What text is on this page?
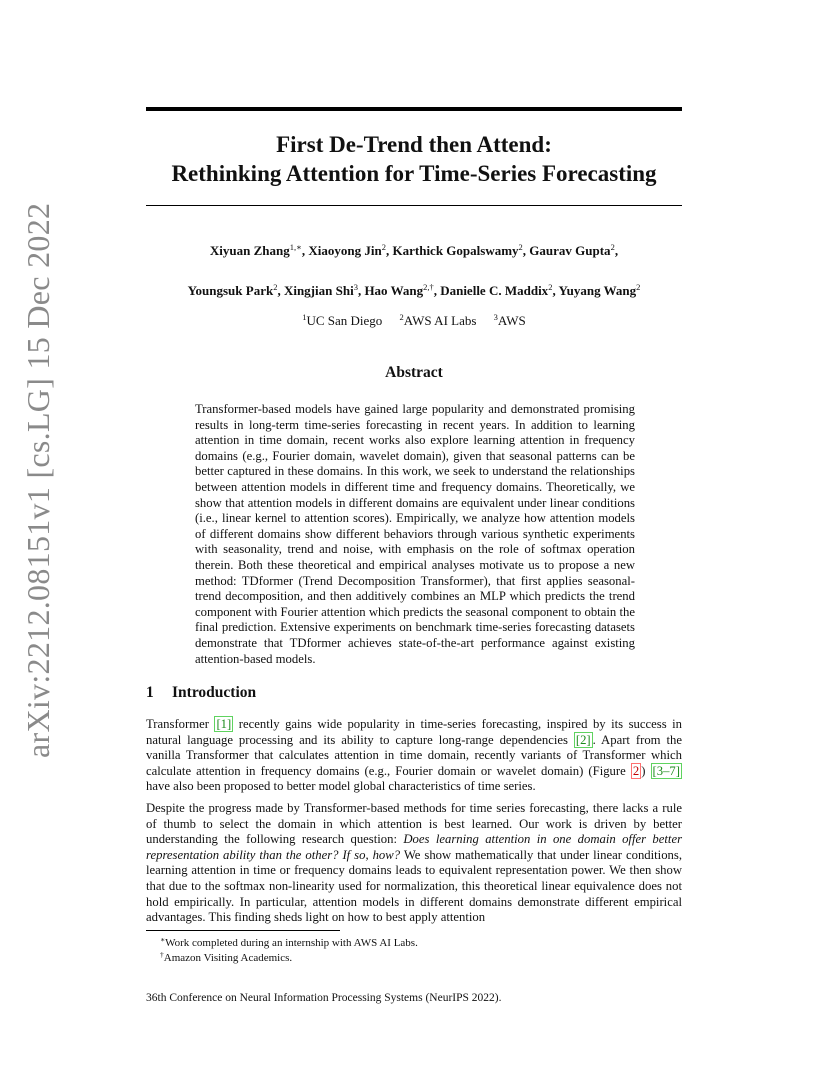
arXiv:2212.08151v1 [cs.LG] 15 Dec 2022
First De-Trend then Attend:
Rethinking Attention for Time-Series Forecasting
Xiyuan Zhang$^{1,∗}$, Xiaoyong Jin$^2$, Karthick Gopalswamy$^2$, Gaurav Gupta$^2$,
Youngsuk Park$^2$, Xingjian Shi$^3$, Hao Wang$^{2,\dagger}$, Danielle C. Maddix$^2$, Yuyang Wang$^2$
$^1$UC San Diego $^2$AWS AI Labs $^3$AWS
Abstract
Transformer-based models have gained large popularity and demonstrated promising results in long-term time-series forecasting in recent years. In addition to learning attention in time domain, recent works also explore learning attention in frequency domains (e.g., Fourier domain, wavelet domain), given that seasonal patterns can be better captured in these domains. In this work, we seek to understand the relationships between attention models in different time and frequency domains. Theoretically, we show that attention models in different domains are equivalent under linear conditions (i.e., linear kernel to attention scores). Empirically, we analyze how attention models of different domains show different behaviors through various synthetic experiments with seasonality, trend and noise, with emphasis on the role of softmax operation therein. Both these theoretical and empirical analyses motivate us to propose a new method: TDformer (Trend Decomposition Transformer), that first applies seasonal-trend decomposition, and then additively combines an MLP which predicts the trend component with Fourier attention which predicts the seasonal component to obtain the final prediction. Extensive experiments on benchmark time-series forecasting datasets demonstrate that TDformer achieves state-of-the-art performance against existing attention-based models.
1 Introduction
Transformer [1] recently gains wide popularity in time-series forecasting, inspired by its success in natural language processing and its ability to capture long-range dependencies [2] . Apart from the vanilla Transformer that calculates attention in time domain, recently variants of Transformer which calculate attention in frequency domains (e.g., Fourier domain or wavelet domain) (Figure 2 ) [3–7] have also been proposed to better model global characteristics of time series.
Despite the progress made by Transformer-based methods for time series forecasting, there lacks a rule of thumb to select the domain in which attention is best learned. Our work is driven by better understanding the following research question: Does learning attention in one domain offer better representation ability than the other? If so, how? We show mathematically that under linear conditions, learning attention in time or frequency domains leads to equivalent representation power. We then show that due to the softmax non-linearity used for normalization, this theoretical linear equivalence does not hold empirically. In particular, attention models in different domains demonstrate different empirical advantages. This finding sheds light on how to best apply attention
∗Work completed during an internship with AWS AI Labs.
†Amazon Visiting Academics.
36th Conference on Neural Information Processing Systems (NeurIPS 2022).
